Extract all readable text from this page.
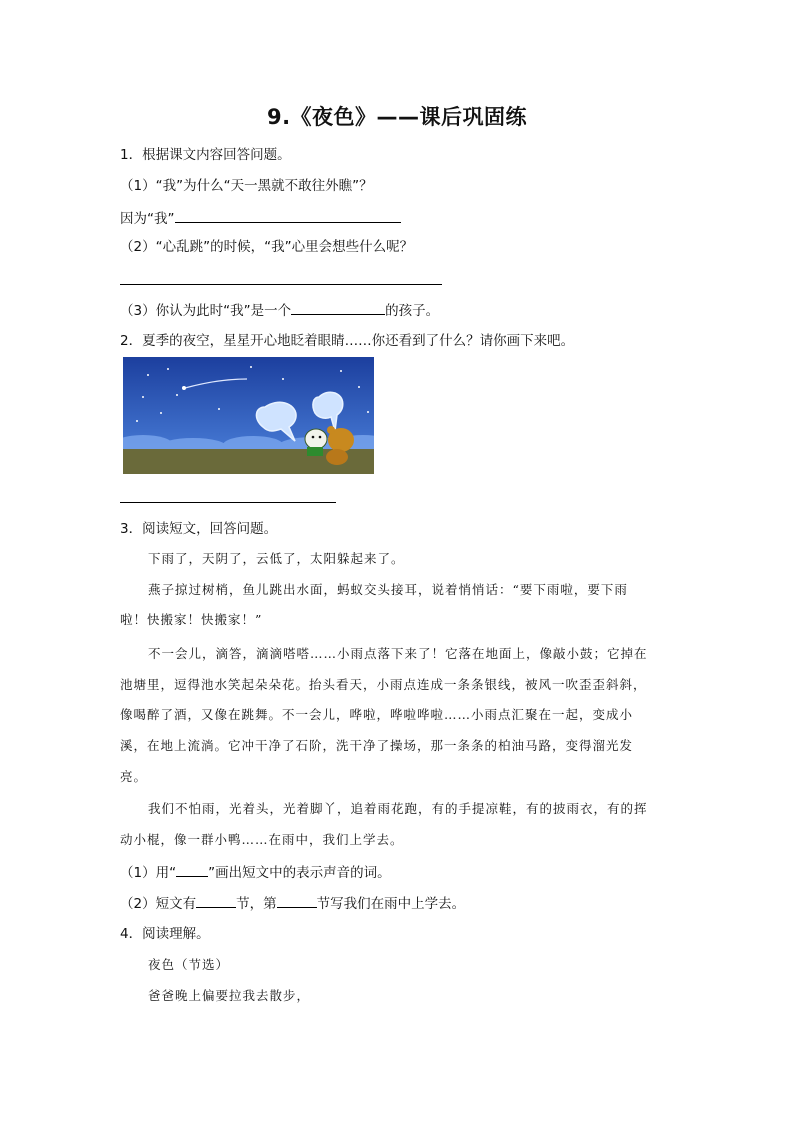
9.《夜色》——课后巩固练
1．根据课文内容回答问题。
（1）“我”为什么“天一黑就不敢往外瞧”？
因为“我”
（2）“心乱跳”的时候，“我”心里会想些什么呢？
（3）你认为此时“我”是一个	的孩子。
2．夏季的夜空，星星开心地眨着眼睛……你还看到了什么？请你画下来吧。
3．阅读短文，回答问题。
下雨了，天阴了，云低了，太阳躲起来了。
燕子掠过树梢，鱼儿跳出水面，蚂蚁交头接耳，说着悄悄话：“要下雨啦，要下雨
啦！快搬家！快搬家！”
不一会儿，滴答，滴滴嗒嗒……小雨点落下来了！它落在地面上，像敲小鼓；它掉在
池塘里，逗得池水笑起朵朵花。抬头看天，小雨点连成一条条银线，被风一吹歪歪斜斜，
像喝醉了酒，又像在跳舞。不一会儿，哗啦，哗啦哗啦……小雨点汇聚在一起，变成小
溪，在地上流淌。它冲干净了石阶，洗干净了操场，那一条条的柏油马路，变得溜光发
亮。
我们不怕雨，光着头，光着脚丫，追着雨花跑，有的手提凉鞋，有的披雨衣，有的挥
动小棍，像一群小鸭……在雨中，我们上学去。
（1）用“ ”画出短文中的表示声音的词。
（2）短文有	节，第	节写我们在雨中上学去。
4．阅读理解。
夜色（节选）
爸爸晚上偏要拉我去散步，
